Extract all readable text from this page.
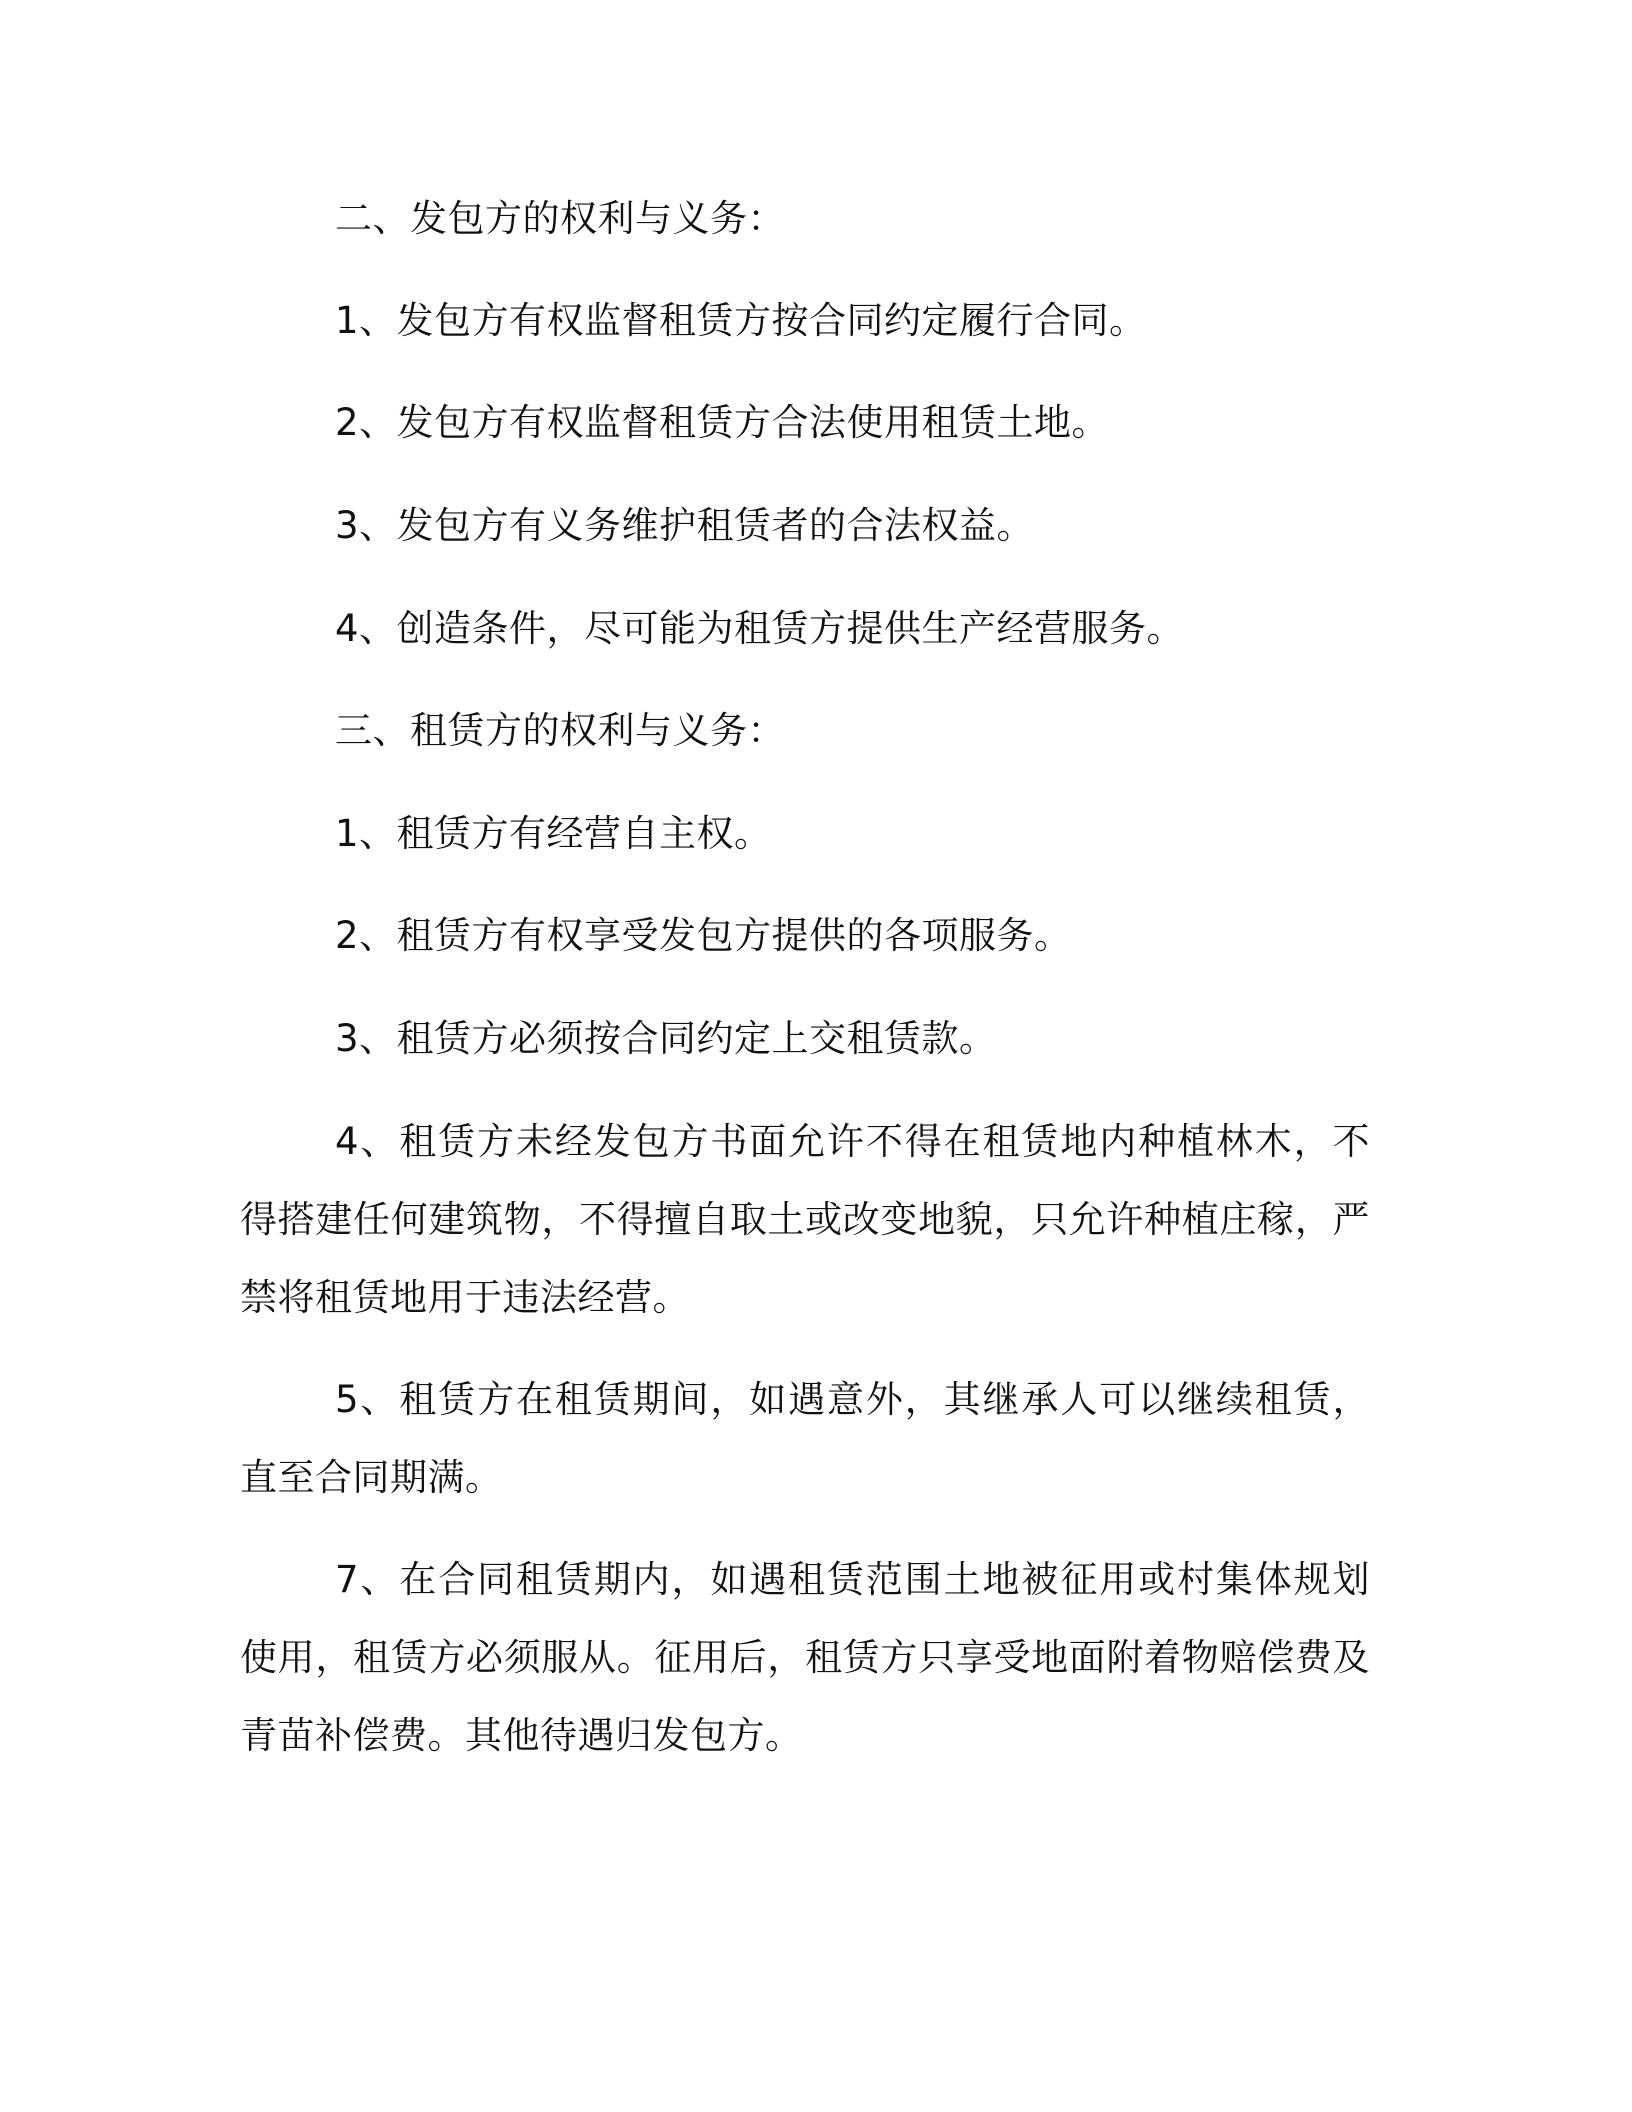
二、发包方的权利与义务：

1、发包方有权监督租赁方按合同约定履行合同。

2、发包方有权监督租赁方合法使用租赁土地。

3、发包方有义务维护租赁者的合法权益。

4、创造条件，尽可能为租赁方提供生产经营服务。

三、租赁方的权利与义务：

1、租赁方有经营自主权。

2、租赁方有权享受发包方提供的各项服务。

3、租赁方必须按合同约定上交租赁款。

4、租赁方未经发包方书面允许不得在租赁地内种植林木，不得搭建任何建筑物，不得擅自取土或改变地貌，只允许种植庄稼，严禁将租赁地用于违法经营。

5、租赁方在租赁期间，如遇意外，其继承人可以继续租赁，直至合同期满。

7、在合同租赁期内，如遇租赁范围土地被征用或村集体规划使用，租赁方必须服从。征用后，租赁方只享受地面附着物赔偿费及青苗补偿费。其他待遇归发包方。
